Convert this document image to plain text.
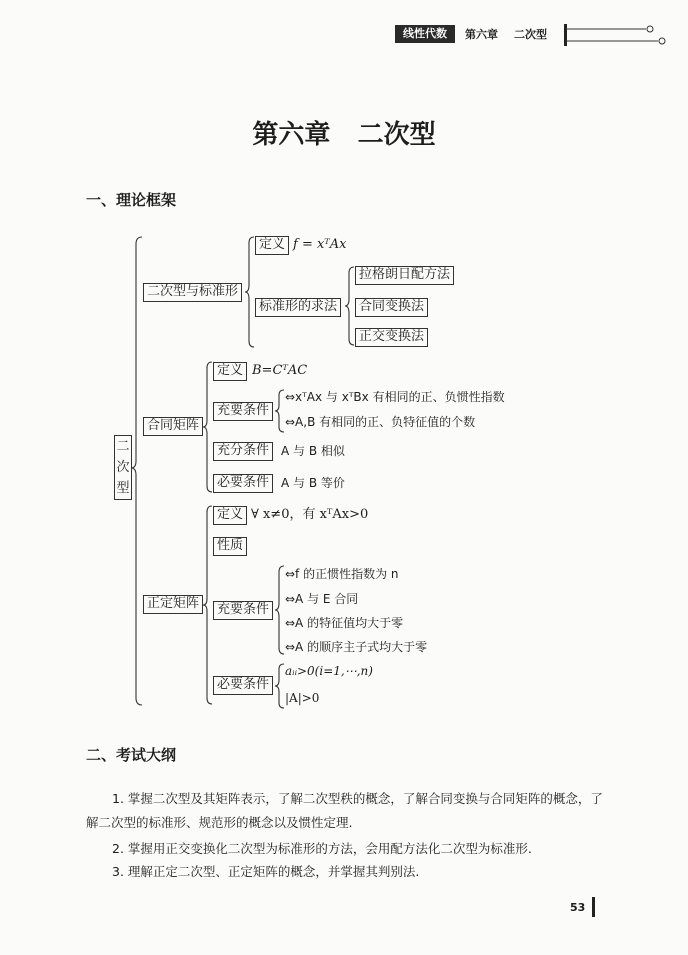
线性代数	第六章 二次型
第六章   二次型
一、理论框架
二
次
型
二次型与标准形
定义 f = xᵀAx
标准形的求法
拉格朗日配方法
合同变换法
正交变换法
合同矩阵
定义 B=CᵀAC
充要条件
⇔xᵀAx 与 xᵀBx 有相同的正、负惯性指数
⇔A,B 有相同的正、负特征值的个数
充分条件 A 与 B 相似
必要条件 A 与 B 等价
正定矩阵
定义 ∀ x≠0，有 xᵀAx>0
性质
充要条件
⇔f 的正惯性指数为 n
⇔A 与 E 合同
⇔A 的特征值均大于零
⇔A 的顺序主子式均大于零
必要条件
aᵢᵢ>0(i=1,⋯,n)
|A|>0
二、考试大纲
1. 掌握二次型及其矩阵表示，了解二次型秩的概念，了解合同变换与合同矩阵的概念，了解二次型的标准形、规范形的概念以及惯性定理.
2. 掌握用正交变换化二次型为标准形的方法，会用配方法化二次型为标准形.
3. 理解正定二次型、正定矩阵的概念，并掌握其判别法.
53
